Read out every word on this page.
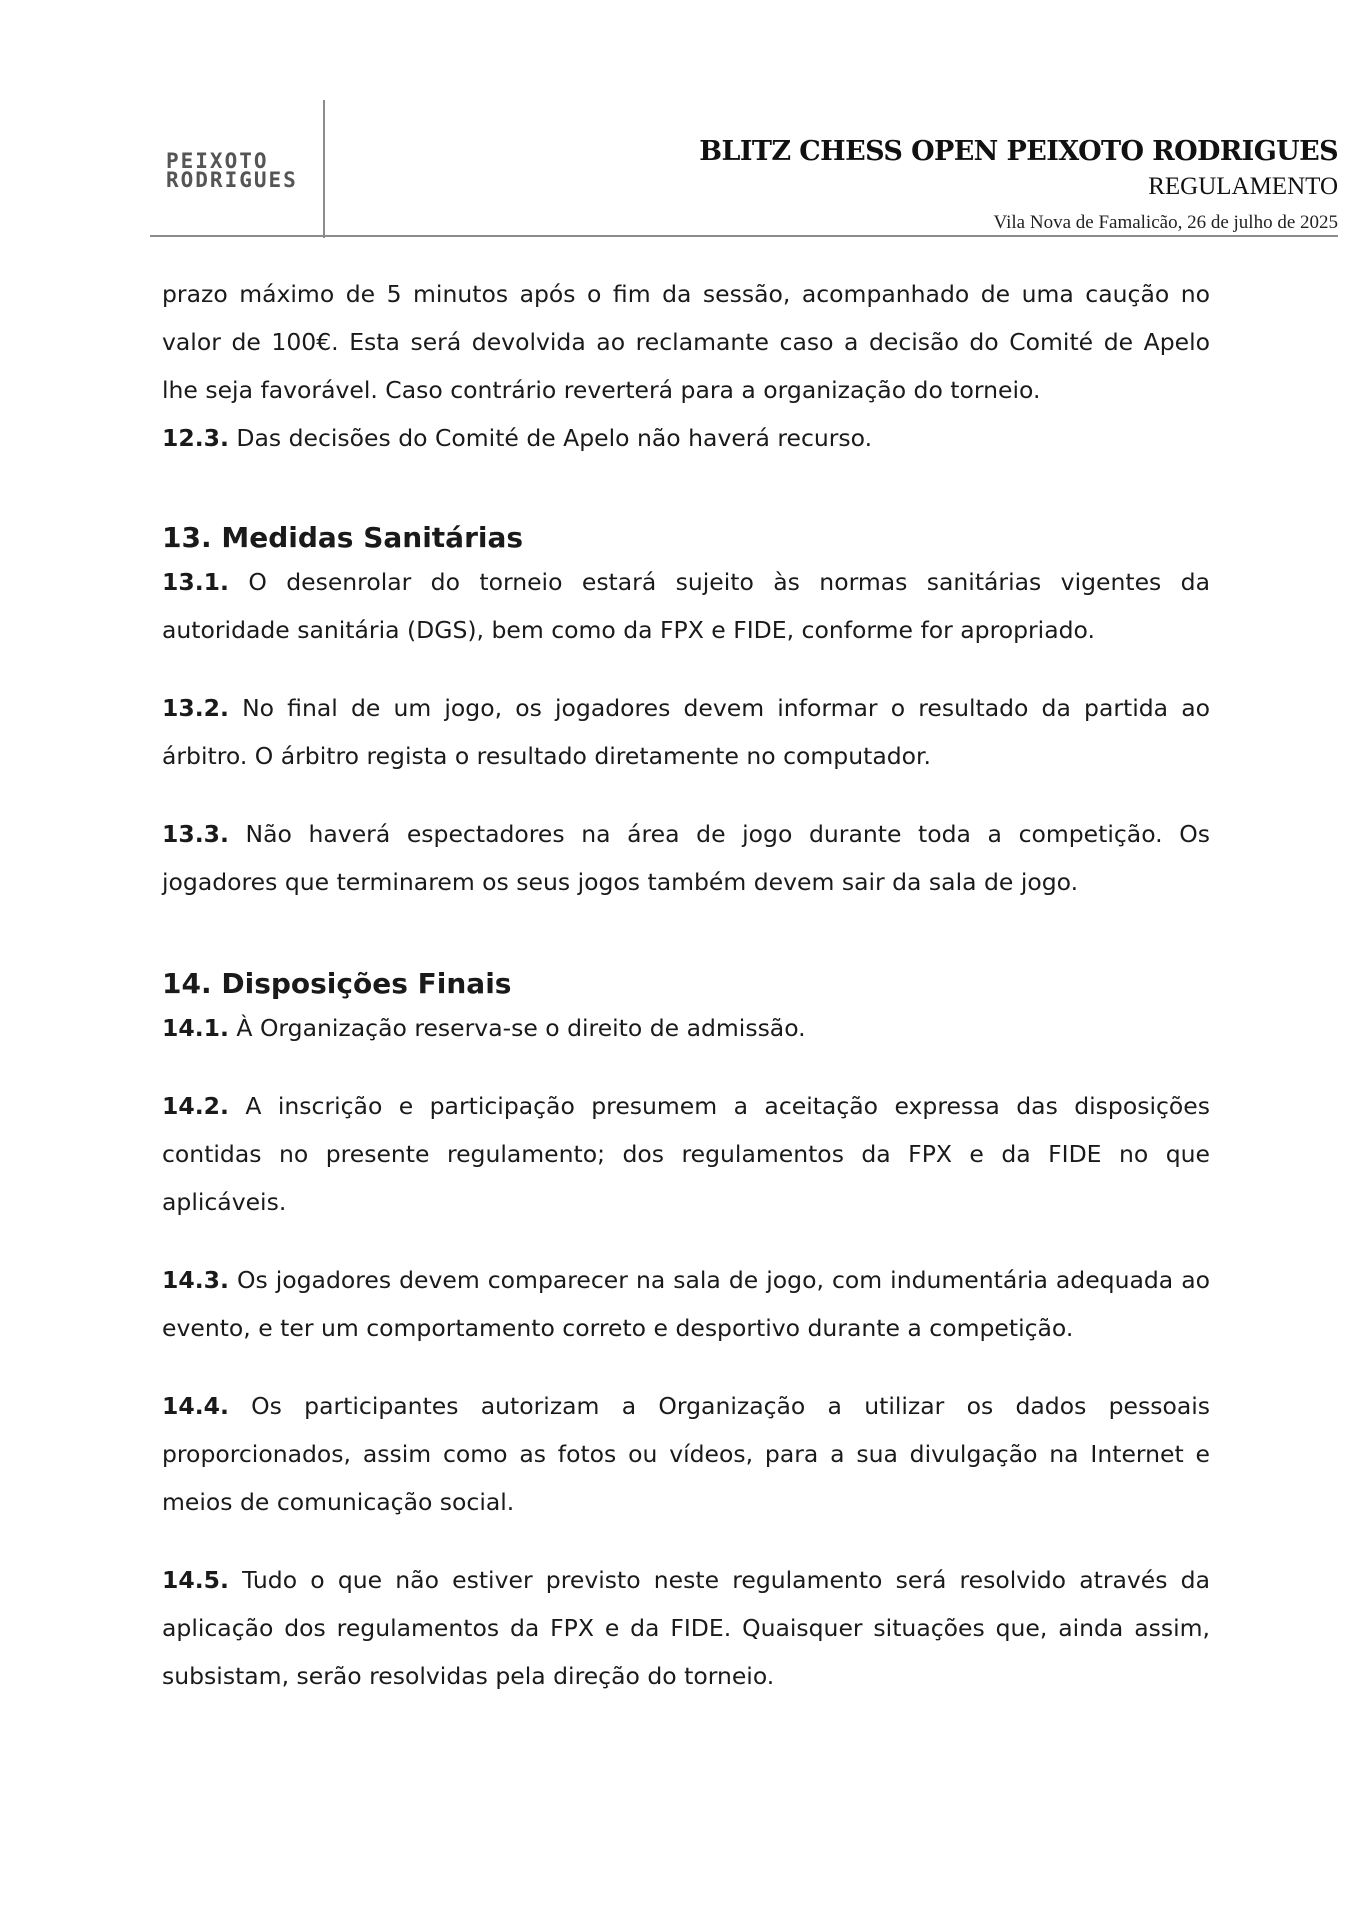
PEIXOTO
RODRIGUES
BLITZ CHESS OPEN PEIXOTO RODRIGUES
REGULAMENTO
Vila Nova de Famalicão, 26 de julho de 2025

prazo máximo de 5 minutos após o fim da sessão, acompanhado de uma caução no valor de 100€. Esta será devolvida ao reclamante caso a decisão do Comité de Apelo lhe seja favorável. Caso contrário reverterá para a organização do torneio.

12.3. Das decisões do Comité de Apelo não haverá recurso.

13. Medidas Sanitárias

13.1. O desenrolar do torneio estará sujeito às normas sanitárias vigentes da autoridade sanitária (DGS), bem como da FPX e FIDE, conforme for apropriado.

13.2. No final de um jogo, os jogadores devem informar o resultado da partida ao árbitro. O árbitro regista o resultado diretamente no computador.

13.3. Não haverá espectadores na área de jogo durante toda a competição. Os jogadores que terminarem os seus jogos também devem sair da sala de jogo.

14. Disposições Finais

14.1. À Organização reserva-se o direito de admissão.

14.2. A inscrição e participação presumem a aceitação expressa das disposições contidas no presente regulamento; dos regulamentos da FPX e da FIDE no que aplicáveis.

14.3. Os jogadores devem comparecer na sala de jogo, com indumentária adequada ao evento, e ter um comportamento correto e desportivo durante a competição.

14.4. Os participantes autorizam a Organização a utilizar os dados pessoais proporcionados, assim como as fotos ou vídeos, para a sua divulgação na Internet e meios de comunicação social.

14.5. Tudo o que não estiver previsto neste regulamento será resolvido através da aplicação dos regulamentos da FPX e da FIDE. Quaisquer situações que, ainda assim, subsistam, serão resolvidas pela direção do torneio.
